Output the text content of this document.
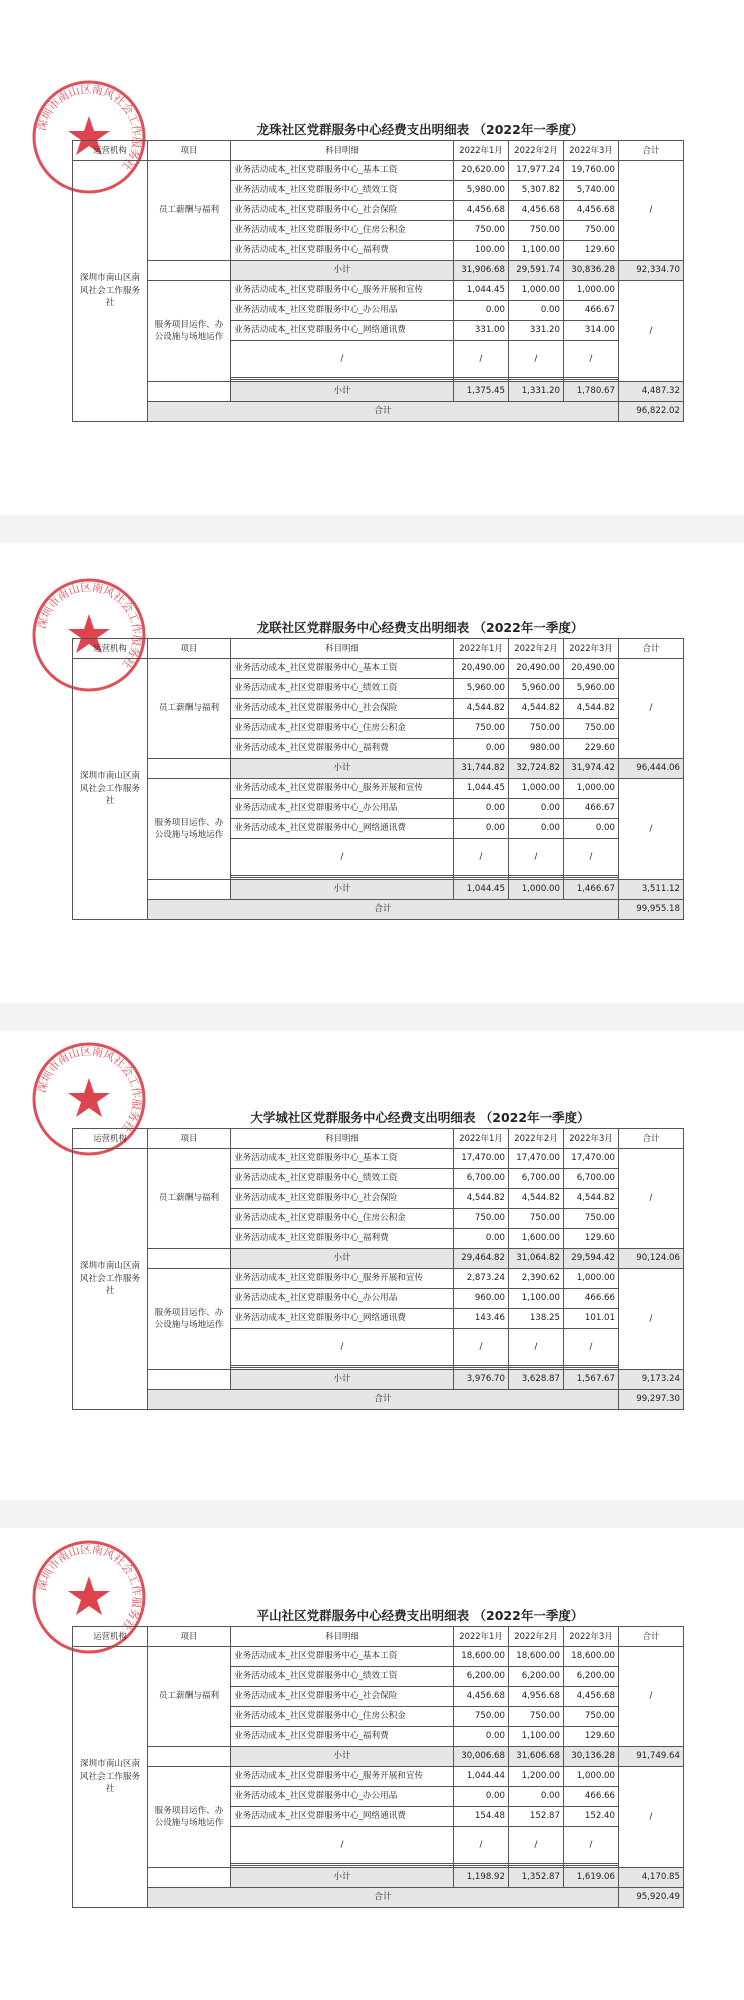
深圳市南山区南风社会工作服务社
龙珠社区党群服务中心经费支出明细表 （2022年一季度）
运营机构	项目	科目明细	2022年1月	2022年2月	2022年3月	合计
深圳市南山区南风社会工作服务社	员工薪酬与福利	业务活动成本_社区党群服务中心_基本工资	20,620.00	17,977.24	19,760.00	/
		业务活动成本_社区党群服务中心_绩效工资	5,980.00	5,307.82	5,740.00	
		业务活动成本_社区党群服务中心_社会保险	4,456.68	4,456.68	4,456.68	
		业务活动成本_社区党群服务中心_住房公积金	750.00	750.00	750.00	
		业务活动成本_社区党群服务中心_福利费	100.00	1,100.00	129.60	
		小计	31,906.68	29,591.74	30,836.28	92,334.70
	服务项目运作、办公设施与场地运作	业务活动成本_社区党群服务中心_服务开展和宣传	1,044.45	1,000.00	1,000.00	/
		业务活动成本_社区党群服务中心_办公用品	0.00	0.00	466.67	
		业务活动成本_社区党群服务中心_网络通讯费	331.00	331.20	314.00	
		/	/	/	/	

		小计	1,375.45	1,331.20	1,780.67	4,487.32
	合计					96,822.02
深圳市南山区南风社会工作服务社
龙联社区党群服务中心经费支出明细表 （2022年一季度）
运营机构	项目	科目明细	2022年1月	2022年2月	2022年3月	合计
深圳市南山区南风社会工作服务社	员工薪酬与福利	业务活动成本_社区党群服务中心_基本工资	20,490.00	20,490.00	20,490.00	/
		业务活动成本_社区党群服务中心_绩效工资	5,960.00	5,960.00	5,960.00	
		业务活动成本_社区党群服务中心_社会保险	4,544.82	4,544.82	4,544.82	
		业务活动成本_社区党群服务中心_住房公积金	750.00	750.00	750.00	
		业务活动成本_社区党群服务中心_福利费	0.00	980.00	229.60	
		小计	31,744.82	32,724.82	31,974.42	96,444.06
	服务项目运作、办公设施与场地运作	业务活动成本_社区党群服务中心_服务开展和宣传	1,044.45	1,000.00	1,000.00	/
		业务活动成本_社区党群服务中心_办公用品	0.00	0.00	466.67	
		业务活动成本_社区党群服务中心_网络通讯费	0.00	0.00	0.00	
		/	/	/	/	

		小计	1,044.45	1,000.00	1,466.67	3,511.12
	合计					99,955.18
深圳市南山区南风社会工作服务社
大学城社区党群服务中心经费支出明细表 （2022年一季度）
运营机构	项目	科目明细	2022年1月	2022年2月	2022年3月	合计
深圳市南山区南风社会工作服务社	员工薪酬与福利	业务活动成本_社区党群服务中心_基本工资	17,470.00	17,470.00	17,470.00	/
		业务活动成本_社区党群服务中心_绩效工资	6,700.00	6,700.00	6,700.00	
		业务活动成本_社区党群服务中心_社会保险	4,544.82	4,544.82	4,544.82	
		业务活动成本_社区党群服务中心_住房公积金	750.00	750.00	750.00	
		业务活动成本_社区党群服务中心_福利费	0.00	1,600.00	129.60	
		小计	29,464.82	31,064.82	29,594.42	90,124.06
	服务项目运作、办公设施与场地运作	业务活动成本_社区党群服务中心_服务开展和宣传	2,873.24	2,390.62	1,000.00	/
		业务活动成本_社区党群服务中心_办公用品	960.00	1,100.00	466.66	
		业务活动成本_社区党群服务中心_网络通讯费	143.46	138.25	101.01	
		/	/	/	/	

		小计	3,976.70	3,628.87	1,567.67	9,173.24
	合计					99,297.30
深圳市南山区南风社会工作服务社
平山社区党群服务中心经费支出明细表 （2022年一季度）
运营机构	项目	科目明细	2022年1月	2022年2月	2022年3月	合计
深圳市南山区南风社会工作服务社	员工薪酬与福利	业务活动成本_社区党群服务中心_基本工资	18,600.00	18,600.00	18,600.00	/
		业务活动成本_社区党群服务中心_绩效工资	6,200.00	6,200.00	6,200.00	
		业务活动成本_社区党群服务中心_社会保险	4,456.68	4,956.68	4,456.68	
		业务活动成本_社区党群服务中心_住房公积金	750.00	750.00	750.00	
		业务活动成本_社区党群服务中心_福利费	0.00	1,100.00	129.60	
		小计	30,006.68	31,606.68	30,136.28	91,749.64
	服务项目运作、办公设施与场地运作	业务活动成本_社区党群服务中心_服务开展和宣传	1,044.44	1,200.00	1,000.00	/
		业务活动成本_社区党群服务中心_办公用品	0.00	0.00	466.66	
		业务活动成本_社区党群服务中心_网络通讯费	154.48	152.87	152.40	
		/	/	/	/	

		小计	1,198.92	1,352.87	1,619.06	4,170.85
	合计					95,920.49
